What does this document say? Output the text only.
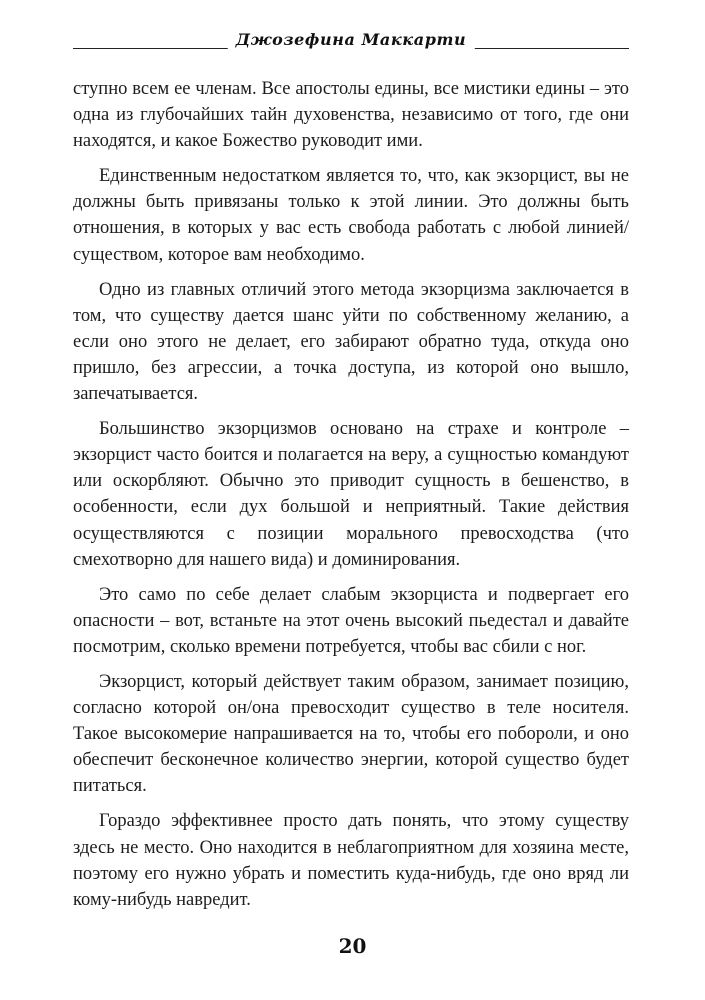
Джозефина Маккарти

ступно всем ее членам. Все апостолы едины, все мистики едины – это одна из глубочайших тайн духовенства, независимо от того, где они находятся, и какое Божество руководит ими.

Единственным недостатком является то, что, как экзорцист, вы не должны быть привязаны только к этой линии. Это должны быть отношения, в которых у вас есть свобода работать с любой линией/существом, которое вам необходимо.

Одно из главных отличий этого метода экзорцизма заключается в том, что существу дается шанс уйти по собственному желанию, а если оно этого не делает, его забирают обратно туда, откуда оно пришло, без агрессии, а точка доступа, из которой оно вышло, запечатывается.

Большинство экзорцизмов основано на страхе и контроле – экзорцист часто боится и полагается на веру, а сущностью командуют или оскорбляют. Обычно это приводит сущность в бешенство, в особенности, если дух большой и неприятный. Такие действия осуществляются с позиции морального превосходства (что смехотворно для нашего вида) и доминирования.

Это само по себе делает слабым экзорциста и подвергает его опасности – вот, встаньте на этот очень высокий пьедестал и давайте посмотрим, сколько времени потребуется, чтобы вас сбили с ног.

Экзорцист, который действует таким образом, занимает позицию, согласно которой он/она превосходит существо в теле носителя. Такое высокомерие напрашивается на то, чтобы его побороли, и оно обеспечит бесконечное количество энергии, которой существо будет питаться.

Гораздо эффективнее просто дать понять, что этому существу здесь не место. Оно находится в неблагоприятном для хозяина месте, поэтому его нужно убрать и поместить куда-нибудь, где оно вряд ли кому-нибудь навредит.

20
